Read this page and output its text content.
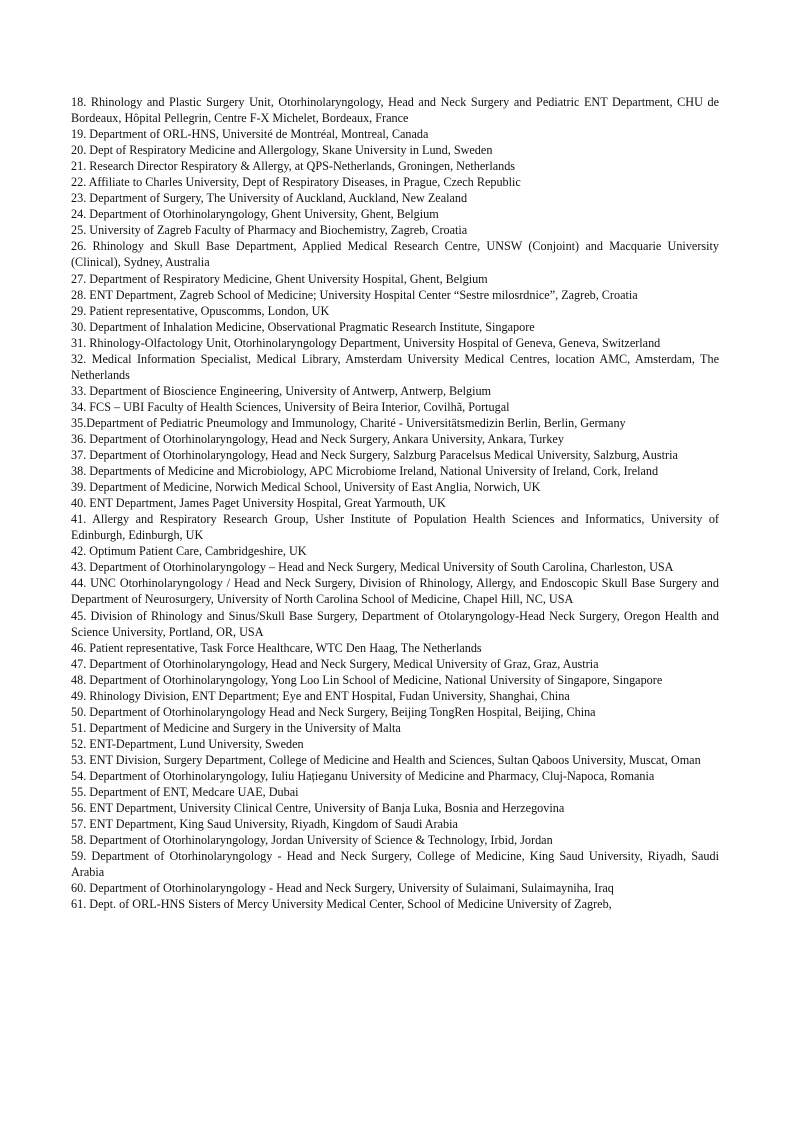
18. Rhinology and Plastic Surgery Unit, Otorhinolaryngology, Head and Neck Surgery and Pediatric ENT Department, CHU de Bordeaux, Hôpital Pellegrin, Centre F-X Michelet, Bordeaux, France

19. Department of ORL-HNS, Université de Montréal, Montreal, Canada

20. Dept of Respiratory Medicine and Allergology, Skane University in Lund, Sweden

21. Research Director Respiratory & Allergy, at QPS-Netherlands, Groningen, Netherlands

22. Affiliate to Charles University, Dept of Respiratory Diseases, in Prague, Czech Republic

23. Department of Surgery, The University of Auckland, Auckland, New Zealand

24. Department of Otorhinolaryngology, Ghent University, Ghent, Belgium

25. University of Zagreb Faculty of Pharmacy and Biochemistry, Zagreb, Croatia

26. Rhinology and Skull Base Department, Applied Medical Research Centre, UNSW (Conjoint) and Macquarie University (Clinical), Sydney, Australia

27. Department of Respiratory Medicine, Ghent University Hospital, Ghent, Belgium

28. ENT Department, Zagreb School of Medicine; University Hospital Center “Sestre milosrdnice”, Zagreb, Croatia

29. Patient representative, Opuscomms, London, UK

30. Department of Inhalation Medicine, Observational Pragmatic Research Institute, Singapore

31. Rhinology-Olfactology Unit, Otorhinolaryngology Department, University Hospital of Geneva, Geneva, Switzerland

32. Medical Information Specialist, Medical Library, Amsterdam University Medical Centres, location AMC, Amsterdam, The Netherlands

33. Department of Bioscience Engineering, University of Antwerp, Antwerp, Belgium

34. FCS – UBI Faculty of Health Sciences, University of Beira Interior, Covilhã, Portugal

35.Department of Pediatric Pneumology and Immunology, Charité - Universitätsmedizin Berlin, Berlin, Germany

36. Department of Otorhinolaryngology, Head and Neck Surgery, Ankara University, Ankara, Turkey

37. Department of Otorhinolaryngology, Head and Neck Surgery, Salzburg Paracelsus Medical University, Salzburg, Austria

38. Departments of Medicine and Microbiology, APC Microbiome Ireland, National University of Ireland, Cork, Ireland

39. Department of Medicine, Norwich Medical School, University of East Anglia, Norwich, UK

40. ENT Department, James Paget University Hospital, Great Yarmouth, UK

41. Allergy and Respiratory Research Group, Usher Institute of Population Health Sciences and Informatics, University of Edinburgh, Edinburgh, UK

42. Optimum Patient Care, Cambridgeshire, UK

43. Department of Otorhinolaryngology – Head and Neck Surgery, Medical University of South Carolina, Charleston, USA

44. UNC Otorhinolaryngology / Head and Neck Surgery, Division of Rhinology, Allergy, and Endoscopic Skull Base Surgery and Department of Neurosurgery, University of North Carolina School of Medicine, Chapel Hill, NC, USA

45. Division of Rhinology and Sinus/Skull Base Surgery, Department of Otolaryngology-Head Neck Surgery, Oregon Health and Science University, Portland, OR, USA

46. Patient representative, Task Force Healthcare, WTC Den Haag, The Netherlands

47. Department of Otorhinolaryngology, Head and Neck Surgery, Medical University of Graz, Graz, Austria

48. Department of Otorhinolaryngology, Yong Loo Lin School of Medicine, National University of Singapore, Singapore

49. Rhinology Division, ENT Department; Eye and ENT Hospital, Fudan University, Shanghai, China

50. Department of Otorhinolaryngology Head and Neck Surgery, Beijing TongRen Hospital, Beijing, China

51. Department of Medicine and Surgery in the University of Malta

52. ENT-Department, Lund University, Sweden

53. ENT Division, Surgery Department, College of Medicine and Health and Sciences, Sultan Qaboos University, Muscat, Oman

54. Department of Otorhinolaryngology, Iuliu Hațieganu University of Medicine and Pharmacy, Cluj-Napoca, Romania

55. Department of ENT, Medcare UAE, Dubai

56. ENT Department, University Clinical Centre, University of Banja Luka, Bosnia and Herzegovina

57. ENT Department, King Saud University, Riyadh, Kingdom of Saudi Arabia

58. Department of Otorhinolaryngology, Jordan University of Science & Technology, Irbid, Jordan

59. Department of Otorhinolaryngology - Head and Neck Surgery, College of Medicine, King Saud University, Riyadh, Saudi Arabia

60. Department of Otorhinolaryngology - Head and Neck Surgery, University of Sulaimani, Sulaimayniha, Iraq

61. Dept. of ORL-HNS Sisters of Mercy University Medical Center, School of Medicine University of Zagreb,
